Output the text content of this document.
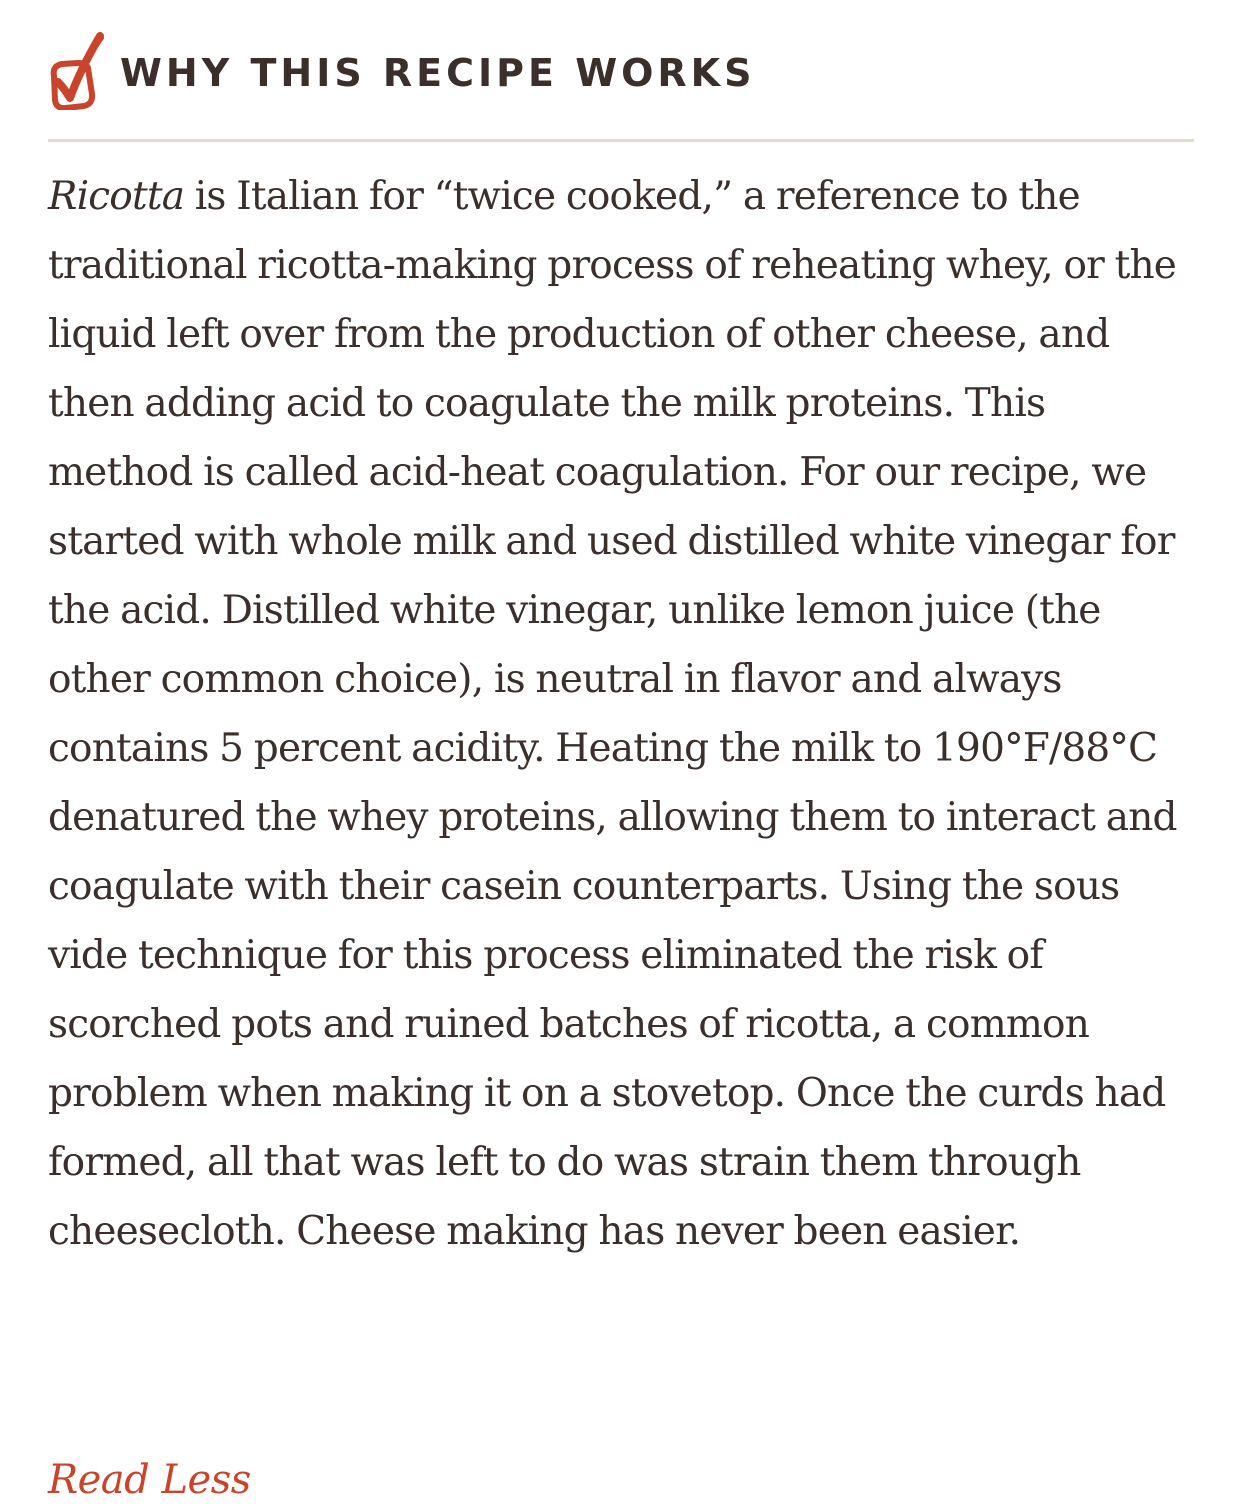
WHY THIS RECIPE WORKS

Ricotta is Italian for “twice cooked,” a reference to the traditional ricotta-making process of reheating whey, or the liquid left over from the production of other cheese, and then adding acid to coagulate the milk proteins. This method is called acid-heat coagulation. For our recipe, we started with whole milk and used distilled white vinegar for the acid. Distilled white vinegar, unlike lemon juice (the other common choice), is neutral in flavor and always contains 5 percent acidity. Heating the milk to 190°F/88°C denatured the whey proteins, allowing them to interact and coagulate with their casein counterparts. Using the sous vide technique for this process eliminated the risk of scorched pots and ruined batches of ricotta, a common problem when making it on a stovetop. Once the curds had formed, all that was left to do was strain them through cheesecloth. Cheese making has never been easier.

Read Less
